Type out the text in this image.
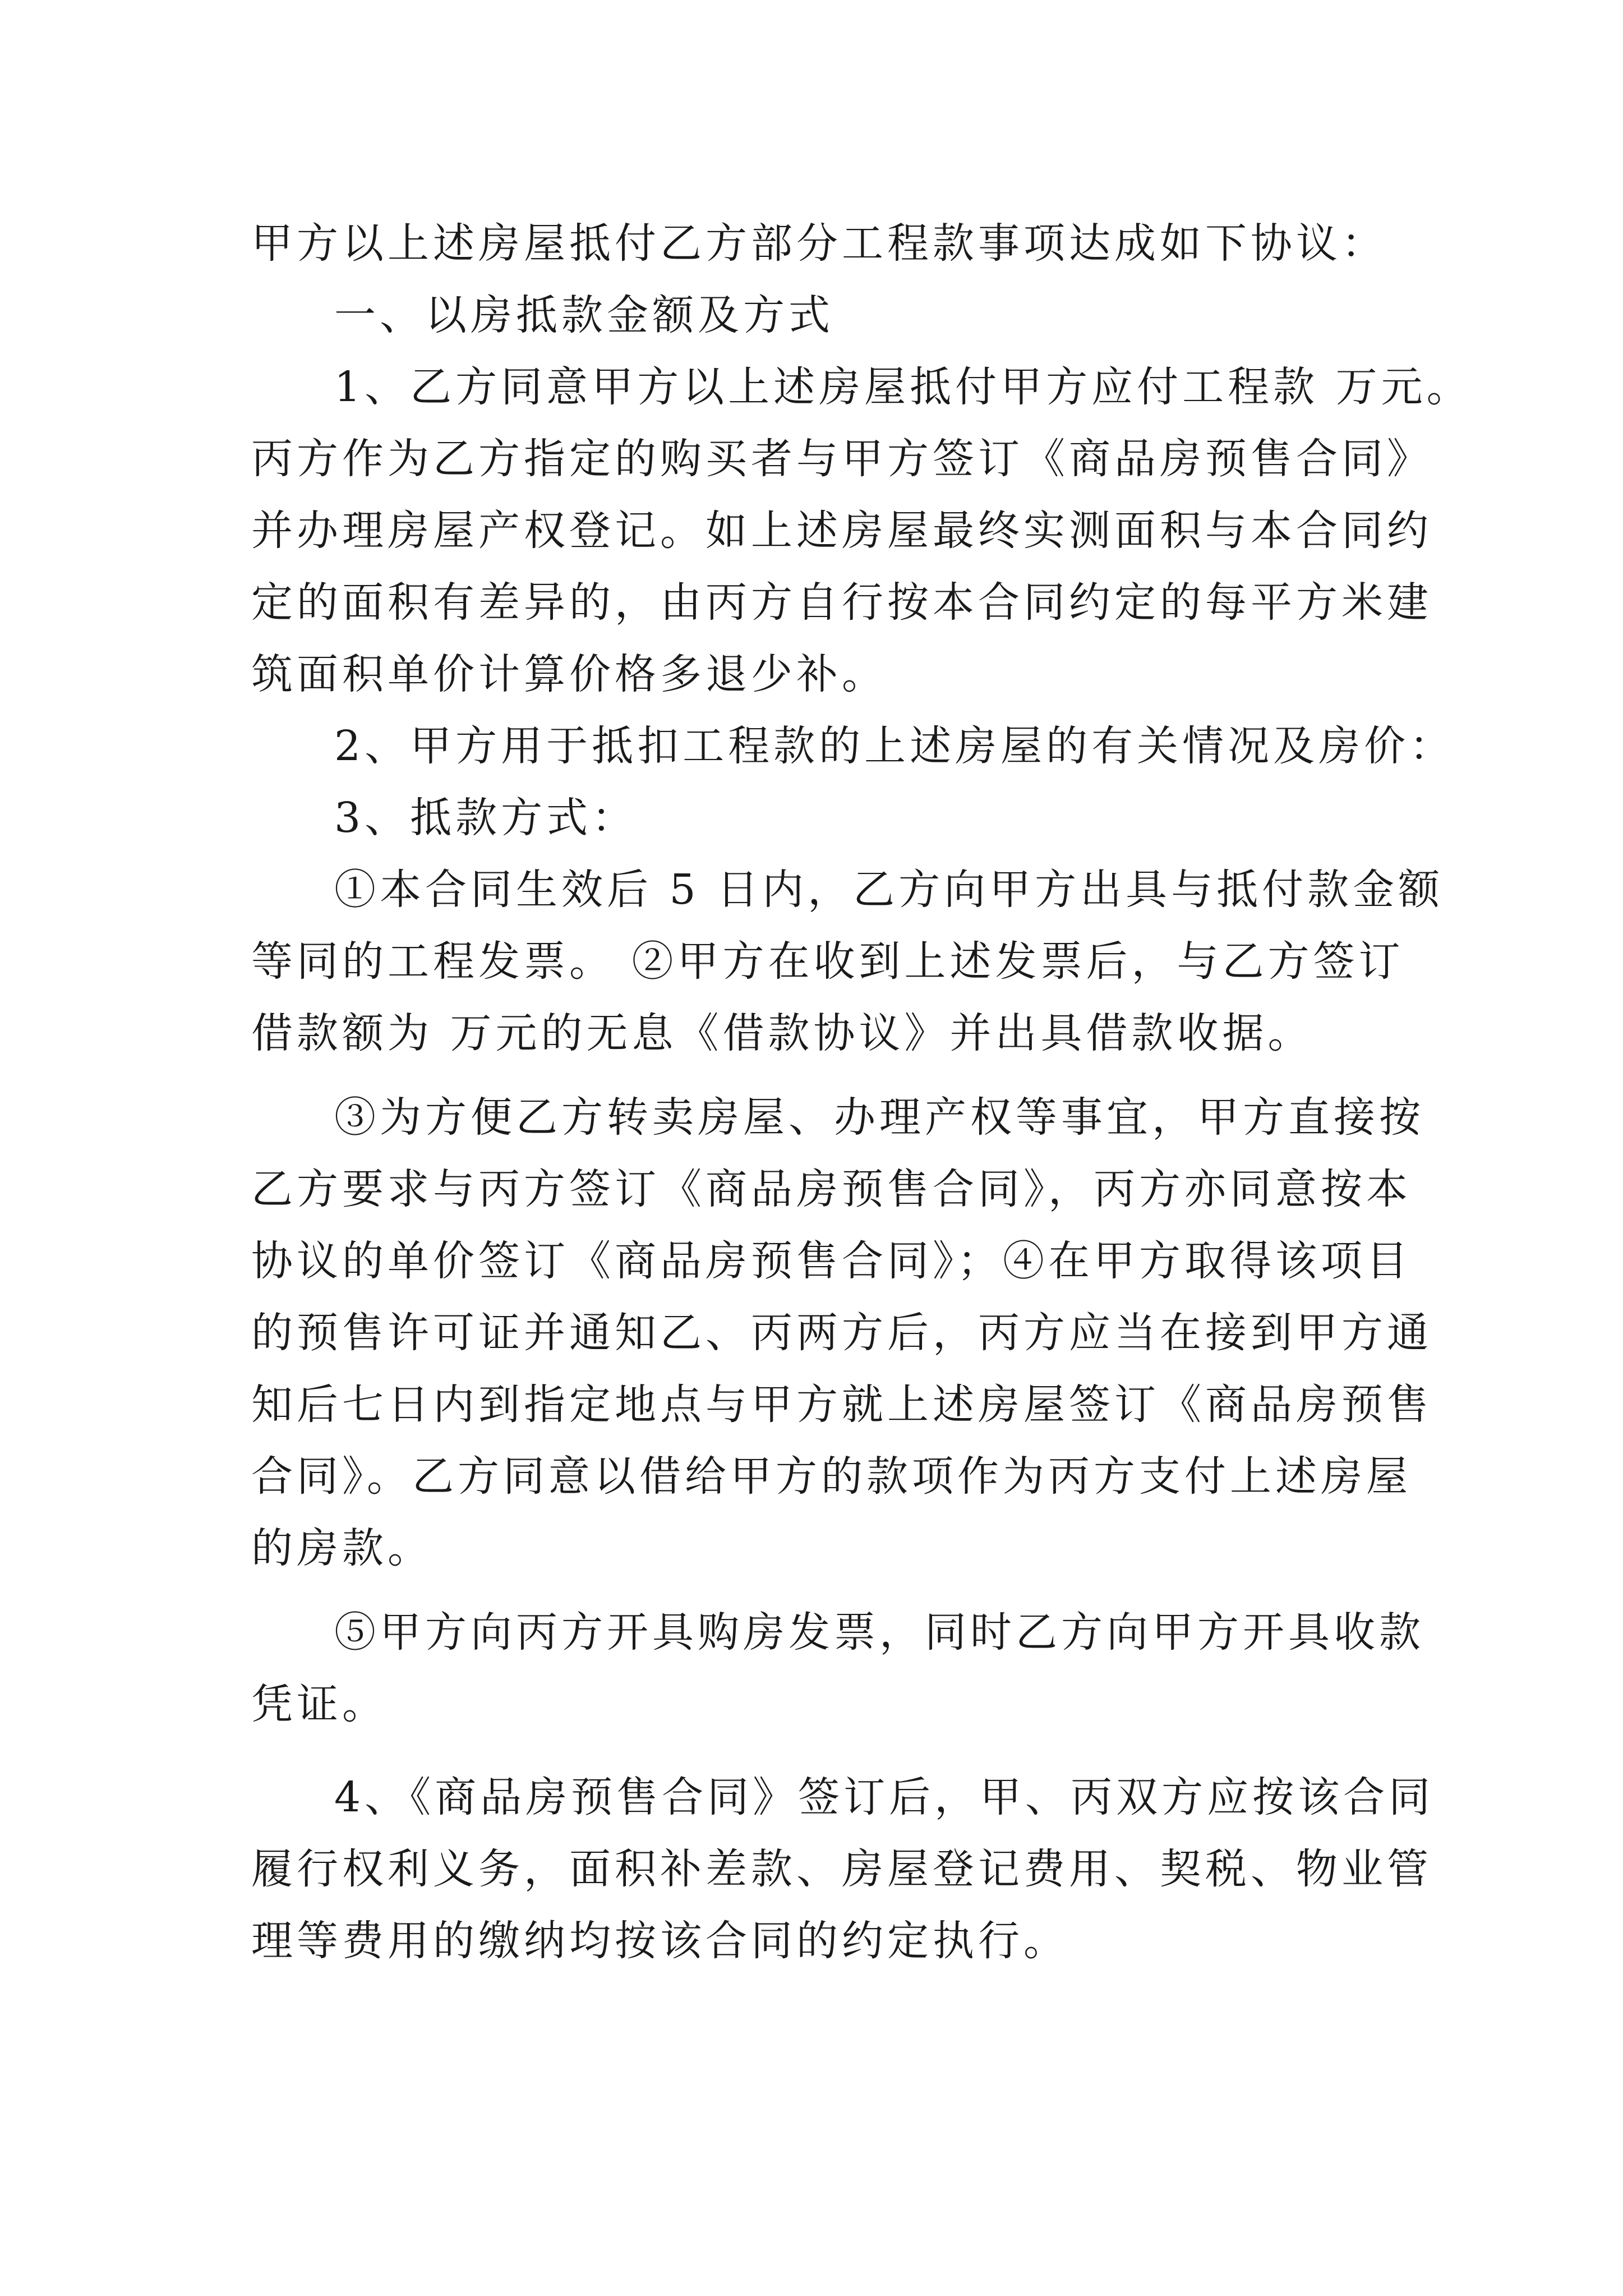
甲方以上述房屋抵付乙方部分工程款事项达成如下协议：
一、以房抵款金额及方式
1、乙方同意甲方以上述房屋抵付甲方应付工程款 万元。
丙方作为乙方指定的购买者与甲方签订《商品房预售合同》
并办理房屋产权登记。如上述房屋最终实测面积与本合同约
定的面积有差异的，由丙方自行按本合同约定的每平方米建
筑面积单价计算价格多退少补。
2、甲方用于抵扣工程款的上述房屋的有关情况及房价：
3、抵款方式：
①本合同生效后 5 日内，乙方向甲方出具与抵付款金额
等同的工程发票。 ②甲方在收到上述发票后，与乙方签订
借款额为 万元的无息《借款协议》并出具借款收据。
③为方便乙方转卖房屋、办理产权等事宜，甲方直接按
乙方要求与丙方签订《商品房预售合同》，丙方亦同意按本
协议的单价签订《商品房预售合同》；④在甲方取得该项目
的预售许可证并通知乙、丙两方后，丙方应当在接到甲方通
知后七日内到指定地点与甲方就上述房屋签订《商品房预售
合同》。乙方同意以借给甲方的款项作为丙方支付上述房屋
的房款。
⑤甲方向丙方开具购房发票，同时乙方向甲方开具收款
凭证。
4、《商品房预售合同》签订后，甲、丙双方应按该合同
履行权利义务，面积补差款、房屋登记费用、契税、物业管
理等费用的缴纳均按该合同的约定执行。
